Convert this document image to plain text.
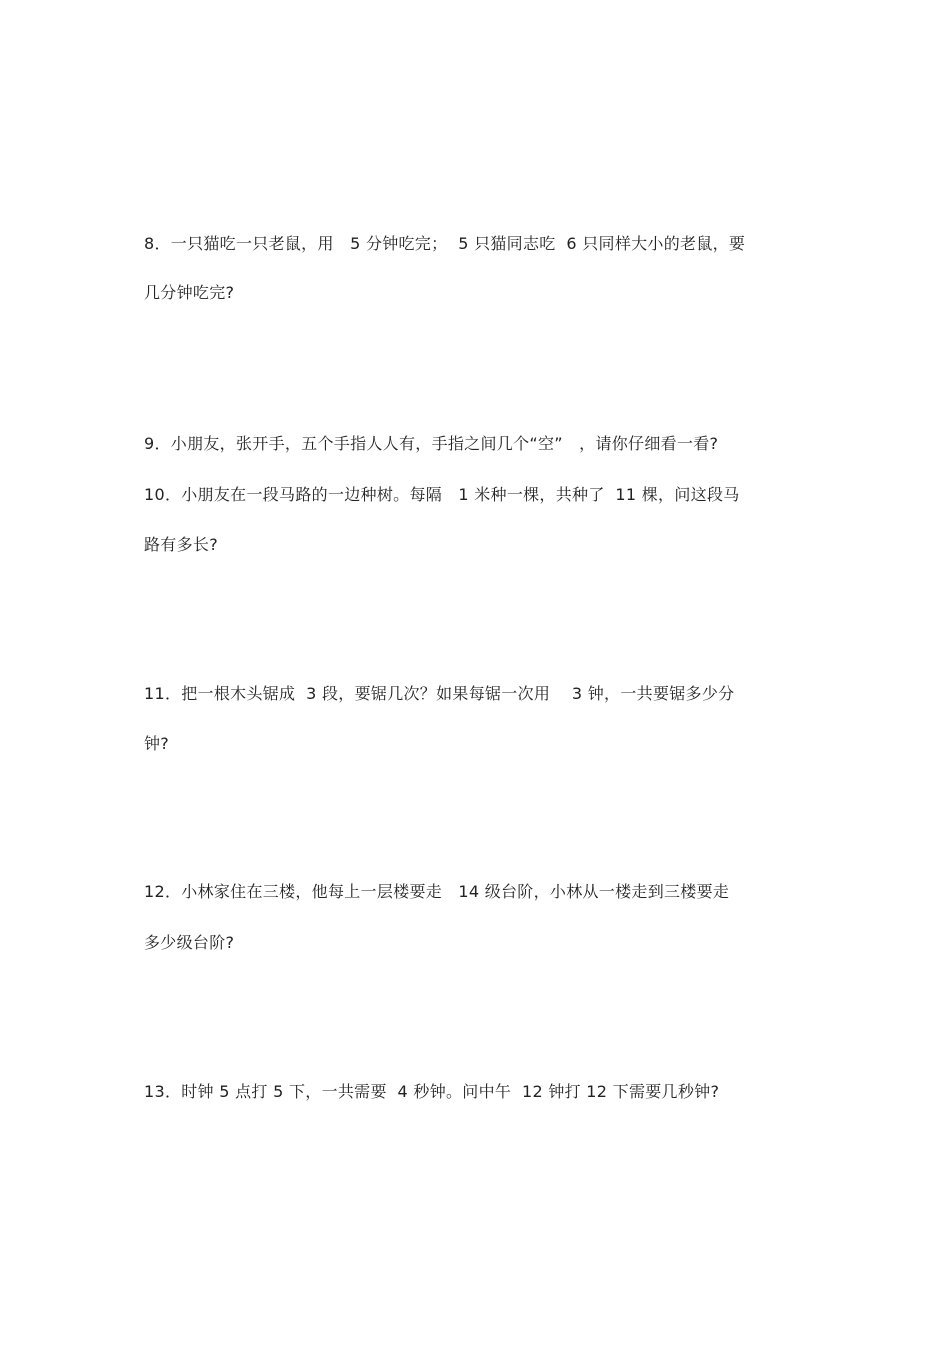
8．一只猫吃一只老鼠，用　5 分钟吃完；  5 只猫同志吃  6 只同样大小的老鼠，要
几分钟吃完?
9．小朋友，张开手，五个手指人人有，手指之间几个“空”　，请你仔细看一看?
10．小朋友在一段马路的一边种树。每隔　1 米种一棵，共种了  11 棵，问这段马
路有多长?
11．把一根木头锯成  3 段，要锯几次？如果每锯一次用　 3 钟，一共要锯多少分
钟?
12．小林家住在三楼，他每上一层楼要走　14 级台阶，小林从一楼走到三楼要走
多少级台阶?
13．时钟 5 点打 5 下，一共需要  4 秒钟。问中午  12 钟打 12 下需要几秒钟?
